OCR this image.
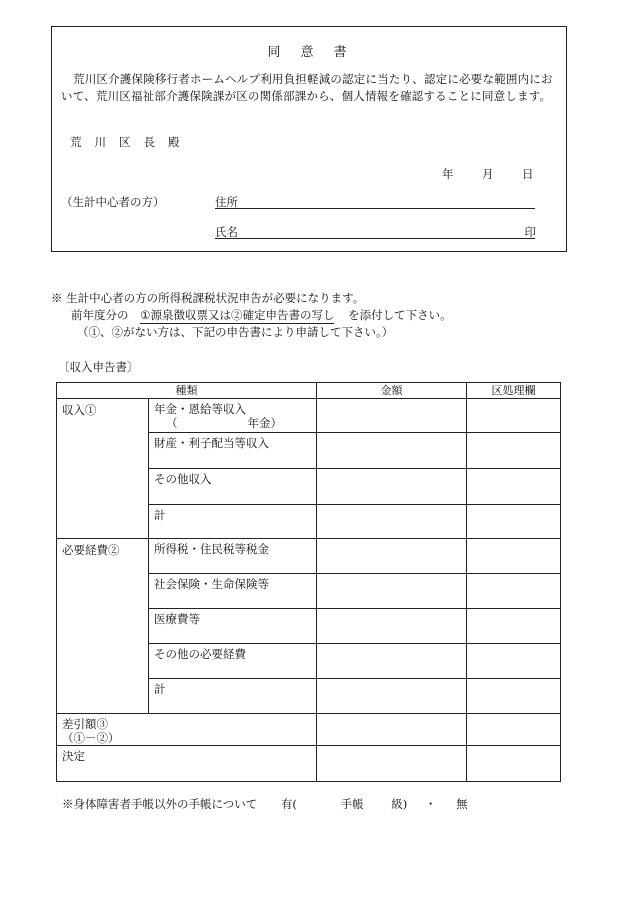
同 意 書
荒川区介護保険移行者ホームヘルプ利用負担軽減の認定に当たり、認定に必要な範囲内において、荒川区福祉部介護保険課が区の関係部課から、個人情報を確認することに同意します。
荒 川 区 長 殿
年 月 日
（生計中心者の方）	住所
氏名	印
※ 生計中心者の方の所得税課税状況申告が必要になります。
前年度分の ①源泉徴収票又は②確定申告書の写し を添付して下さい。
（①、②がない方は、下記の申告書により申請して下さい。）
〔収入申告書〕
種類		金額	区処理欄
収入①	年金・恩給等収入
（ 年金）		

	財産・利子配当等収入		
	その他収入		
	計		
必要経費②	所得税・住民税等税金		
	社会保険・生命保険等		
	医療費等		
	その他の必要経費		
	計		

差引額③
（①－②）			

決定			
※身体障害者手帳以外の手帳について 有(	手帳 級) ・ 無
